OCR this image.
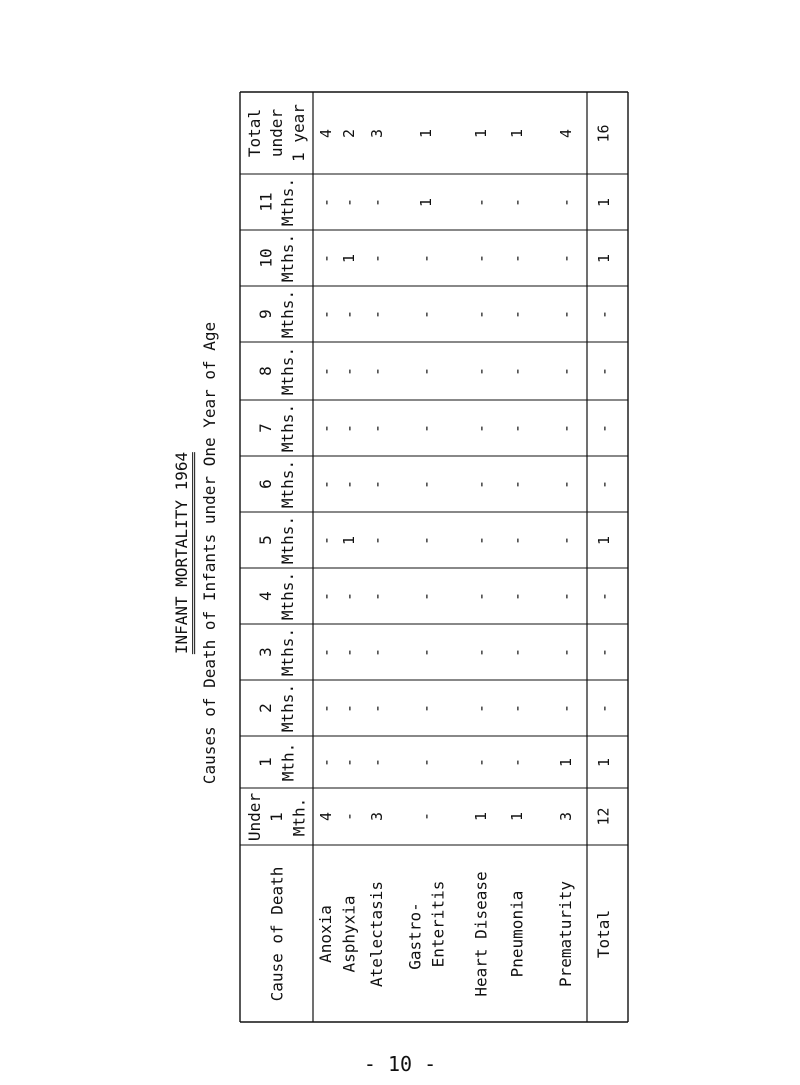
INFANT MORTALITY 1964 Causes of Death of Infants under One Year of Age
Total under 1 year
11 Mths.
10 Mths.
9 Mths.
8 Mths.
7 Mths.
6 Mths.
5 Mths.
4 Mths.
3 Mths.
2 Mths.
1 Mth.
Under 1 Mth.
Cause of Death Anoxia Asphyxia Atelectasis Gastro- Enteritis Heart Disease Pneumonia Prematurity Total
4 2 3 1 1 1 4 16
- - - 1 - - - 1
- 1 - - - - - 1
- - - - - - - -
- - - - - - - -
- - - - - - - -
- - - - - - - -
- 1 - - - - - 1
- - - - - - - -
- - - - - - - -
- - - - - - - -
- - - - - - 1 1
4 - 3 - 1 1 3 12
- 10 -
